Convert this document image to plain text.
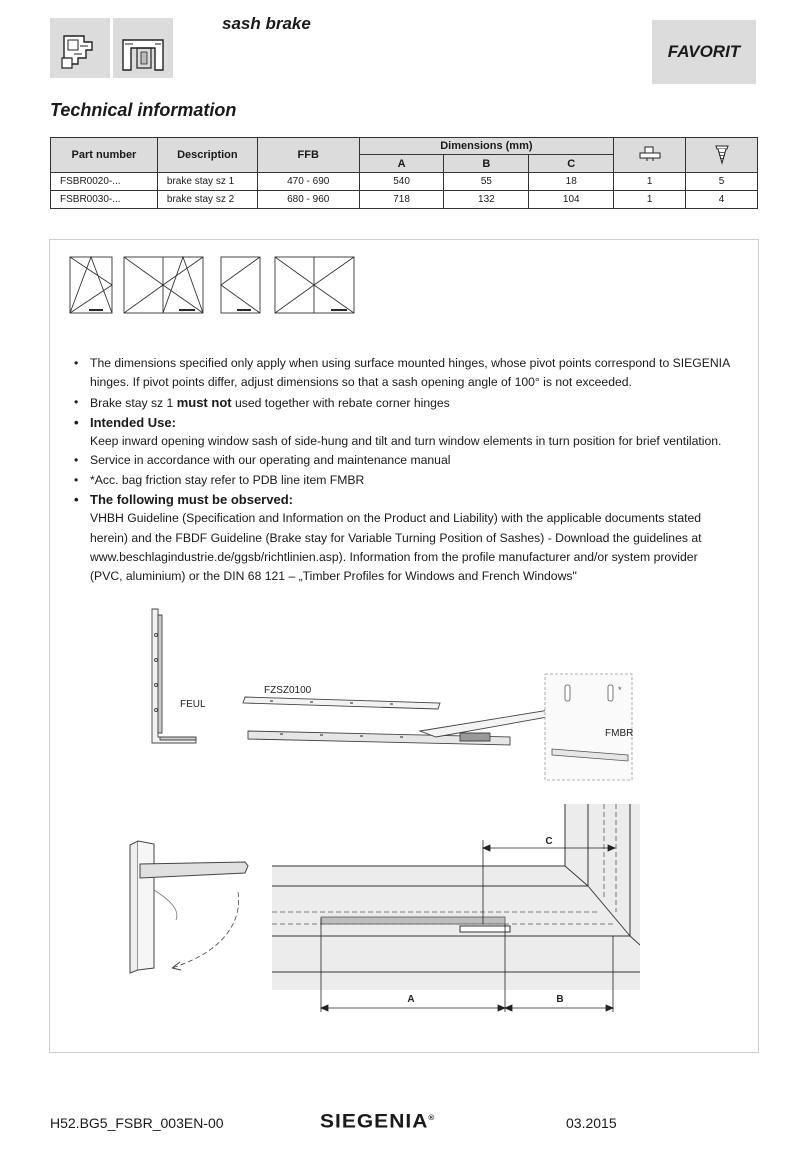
sash brake
FAVORIT
Technical information
Part number	Description	FFB	Dimensions (mm)		
			A	B	C		
FSBR0020-...	brake stay sz 1	470 - 690	540	55	18	1	5
FSBR0030-...	brake stay sz 2	680 - 960	718	132	104	1	4
• The dimensions specified only apply when using surface mounted hinges, whose pivot points correspond to SIEGENIA hinges. If pivot points differ, adjust dimensions so that a sash opening angle of 100° is not exceeded.
• Brake stay sz 1 must not used together with rebate corner hinges
• Intended Use:
Keep inward opening window sash of side-hung and tilt and turn window elements in turn position for brief ventilation.
• Service in accordance with our operating and maintenance manual
• *Acc. bag friction stay refer to PDB line item FMBR
• The following must be observed:
VHBH Guideline (Specification and Information on the Product and Liability) with the applicable documents stated herein) and the FBDF Guideline (Brake stay for Variable Turning Position of Sashes) - Download the guidelines at www.beschlagindustrie.de/ggsb/richtlinien.asp). Information from the profile manufacturer and/or system provider (PVC, aluminium) or the DIN 68 121 – „Timber Profiles for Windows and French Windows"
FEUL
FZSZ0100
FMBR
*
A	B
C
H52.BG5_FSBR_003EN-00	SIEGENIA®	03.2015
